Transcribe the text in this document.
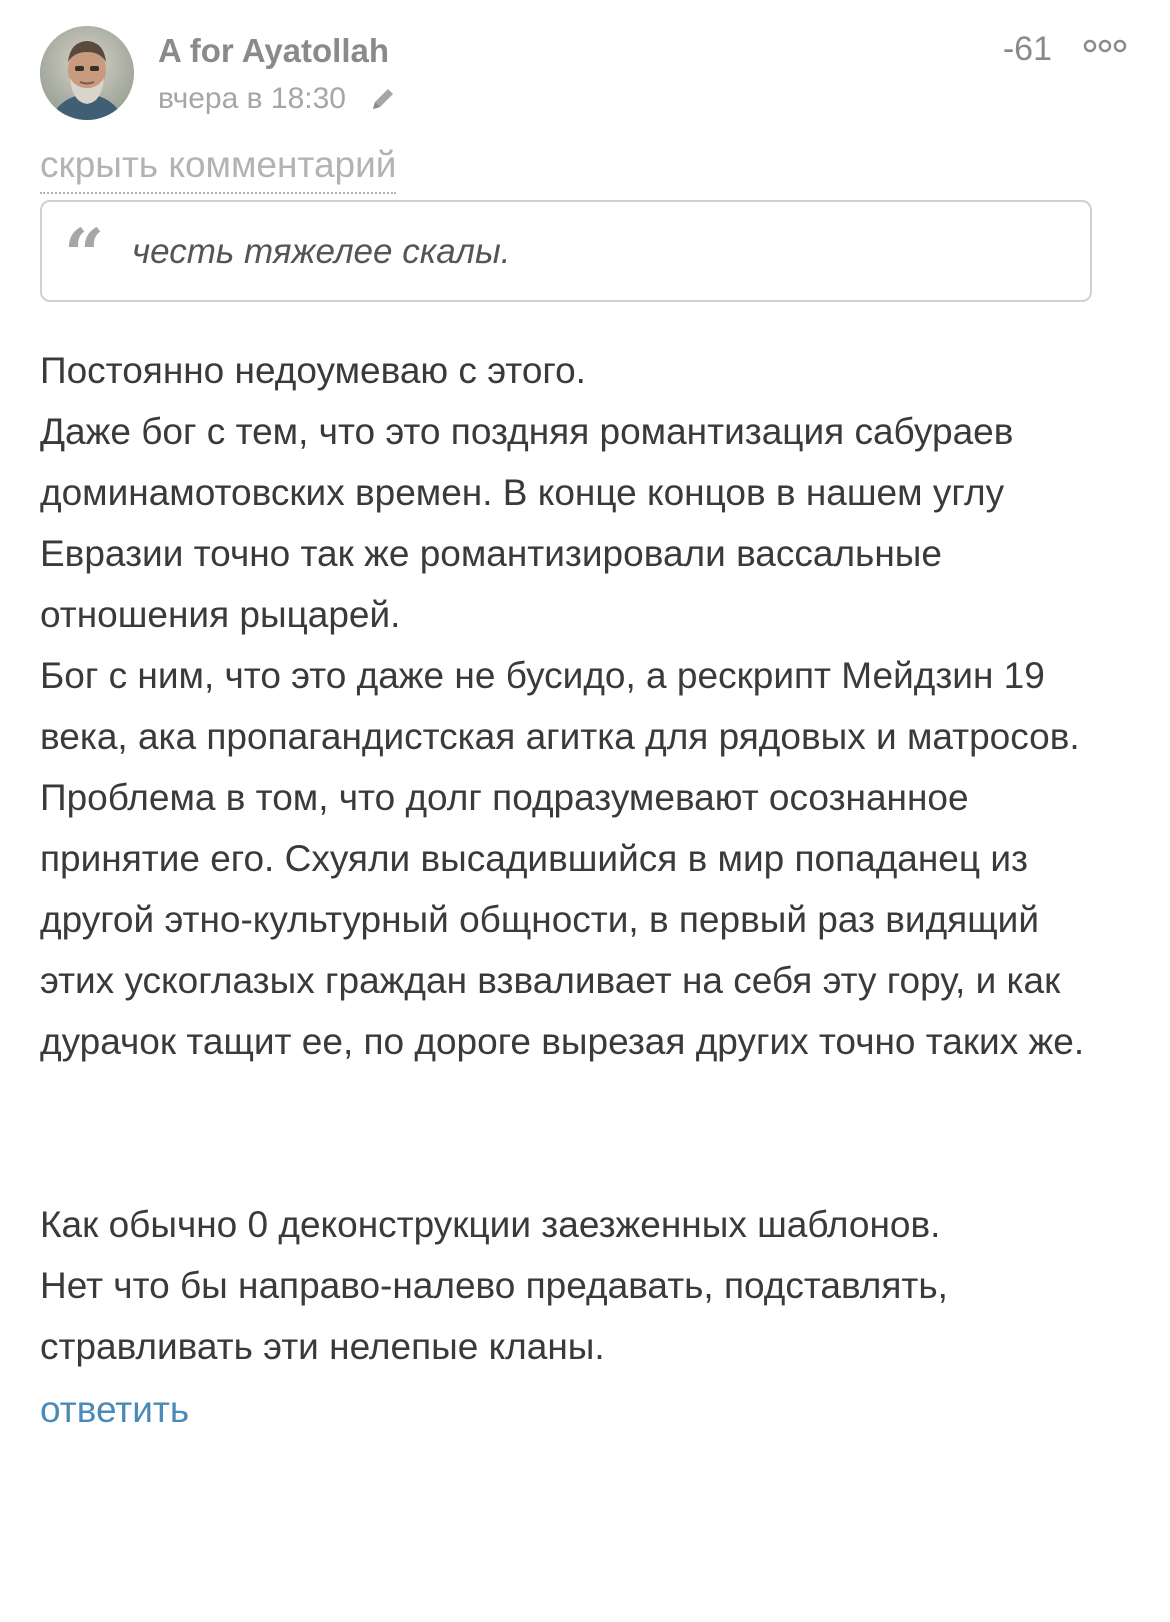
A for Ayatollah
вчера в 18:30
-61
скрыть комментарий
“ честь тяжелее скалы.

Постоянно недоумеваю с этого.

Даже бог с тем, что это поздняя романтизация сабураев доминамотовских времен. В конце концов в нашем углу Евразии точно так же романтизировали вассальные отношения рыцарей.

Бог с ним, что это даже не бусидо, а рескрипт Мейдзин 19 века, ака пропагандистская агитка для рядовых и матросов.

Проблема в том, что долг подразумевают осознанное принятие его. Схуяли высадившийся в мир попаданец из другой этно-культурный общности, в первый раз видящий этих ускоглазых граждан взваливает на себя эту гору, и как дурачок тащит ее, по дороге вырезая других точно таких же.

Как обычно 0 деконструкции заезженных шаблонов.

Нет что бы направо-налево предавать, подставлять, стравливать эти нелепые кланы.

ответить
